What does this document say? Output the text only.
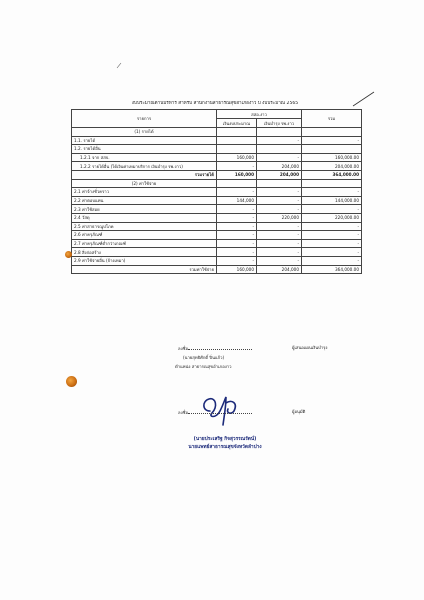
งบประมาณด้านบริหาร สำหรับ สำนักงานสาธารณสุขอำเภองาว ปี งบประมาณ 2565
รายการ	สสอ.งาว		รวม
	เงินงบประมาณ	เงินบำรุง รพ.งาว	
(1) รายได้			
1.1. รายได้		-	-
1.2. รายได้อื่น			
1.2.1 จาก สสจ.	160,000	-	160,000.00
1.2.2 รายได้อื่น (ได้เงินค่าเหมาบริการ เงินบำรุง รพ.งาว)	-	204,000	204,000.00
รวมรายได้	160,000	204,000	364,000.00
(2) ค่าใช้จ่าย			
2.1 ค่าจ้างชั่วคราว	-	-	-
2.2 ค่าตอบแทน	144,000	-	144,000.00
2.3 ค่าใช้สอย	-	-	-
2.4 วัสดุ	-	220,000	220,000.00
2.5 ค่าสาธารณูปโภค	-	-	-
2.6 ค่าครุภัณฑ์	-	-	-
2.7 ค่าครุภัณฑ์ต่ำกว่าเกณฑ์	-	-	-
2.8 สิ่งก่อสร้าง	-	-	-
2.9 ค่าใช้จ่ายอื่น (จ้างเหมา)	-	-	-
รวมค่าใช้จ่าย	160,000	204,000	364,000.00
ลงชื่อ	ผู้เสนอแผนเงินบำรุง
(นายสุทธิศักดิ์ ปิ่นแก้ว)
ตำแหน่ง สาธารณสุขอำเภองาว
ลงชื่อ	ผู้อนุมัติ
(นายประเสริฐ กิจสุวรรณรัตน์)
นายแพทย์สาธารณสุขจังหวัดลำปาง
